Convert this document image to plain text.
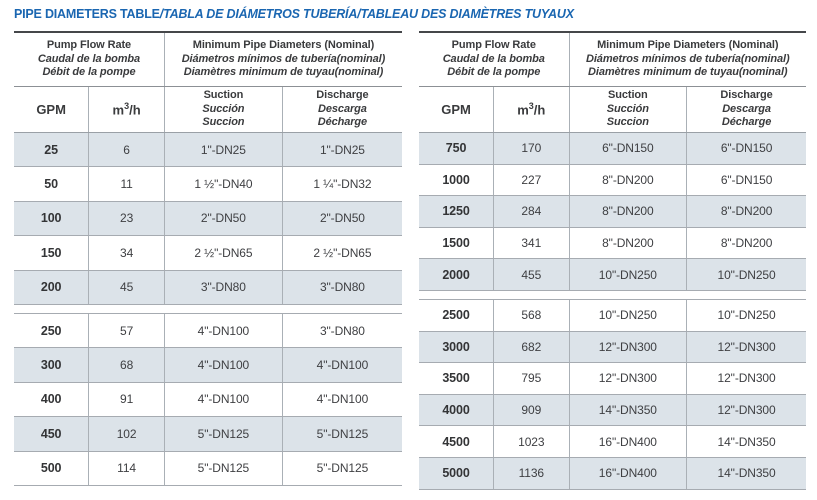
PIPE DIAMETERS TABLE/TABLA DE DIÁMETROS TUBERÍA/TABLEAU DES DIAMÈTRES TUYAUX
Pump Flow Rate
Caudal de la bomba
Débit de la pompe
Minimum Pipe Diameters (Nominal)
Diámetros mínimos de tubería(nominal)
Diamètres minimum de tuyau(nominal)
GPM	$m^3/h$
Suction
Succión
Succion
Discharge
Descarga
Décharge
25	6	1"-DN25	1"-DN25
50	11	1 ½"-DN40	1 ¼"-DN32
100	23	2"-DN50	2"-DN50
150	34	2 ½"-DN65	2 ½"-DN65
200	45	3"-DN80	3"-DN80
250	57	4"-DN100	3"-DN80
300	68	4"-DN100	4"-DN100
400	91	4"-DN100	4"-DN100
450	102	5"-DN125	5"-DN125
500	114	5"-DN125	5"-DN125
Pump Flow Rate
Caudal de la bomba
Débit de la pompe
Minimum Pipe Diameters (Nominal)
Diámetros mínimos de tubería(nominal)
Diamètres minimum de tuyau(nominal)
GPM	$m^3/h$
Suction
Succión
Succion
Discharge
Descarga
Décharge
750	170	6"-DN150	6"-DN150
1000	227	8"-DN200	6"-DN150
1250	284	8"-DN200	8"-DN200
1500	341	8"-DN200	8"-DN200
2000	455	10"-DN250	10"-DN250
2500	568	10"-DN250	10"-DN250
3000	682	12"-DN300	12"-DN300
3500	795	12"-DN300	12"-DN300
4000	909	14"-DN350	12"-DN300
4500	1023	16"-DN400	14"-DN350
5000	1136	16"-DN400	14"-DN350
